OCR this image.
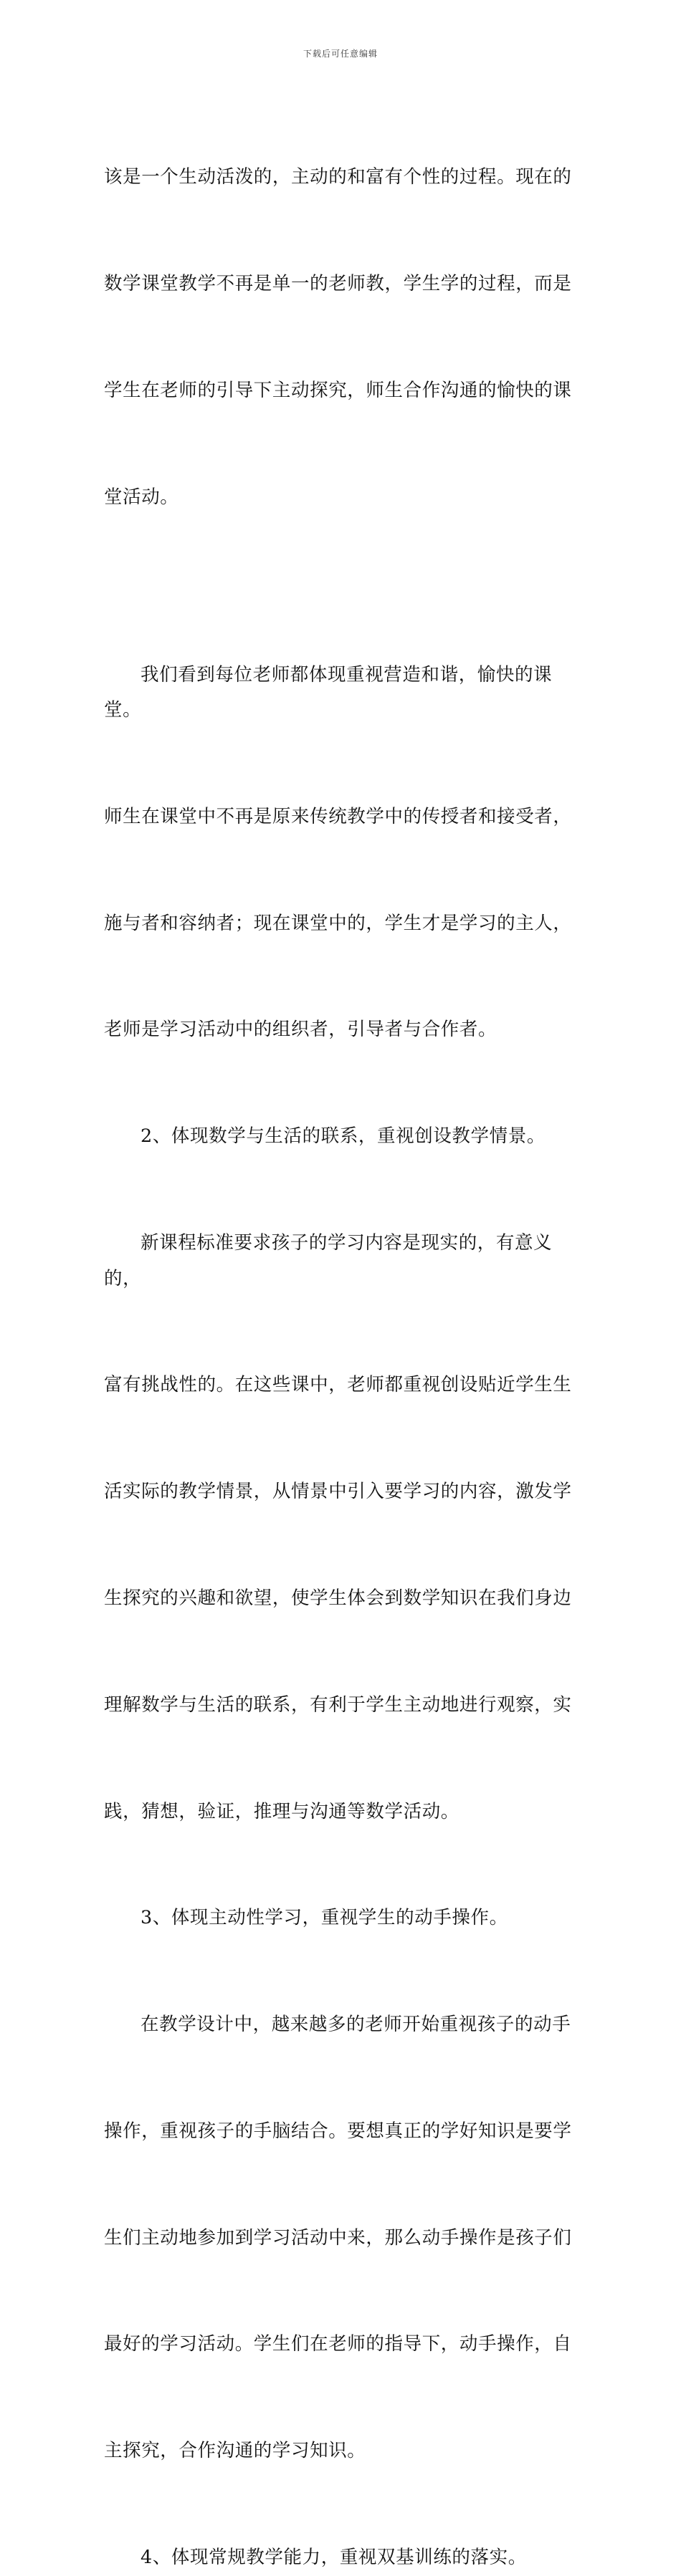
下载后可任意编辑

该是一个生动活泼的，主动的和富有个性的过程。现在的

数学课堂教学不再是单一的老师教，学生学的过程，而是

学生在老师的引导下主动探究，师生合作沟通的愉快的课

堂活动。

我们看到每位老师都体现重视营造和谐，愉快的课堂。

师生在课堂中不再是原来传统教学中的传授者和接受者，

施与者和容纳者；现在课堂中的，学生才是学习的主人，

老师是学习活动中的组织者，引导者与合作者。

2、体现数学与生活的联系，重视创设教学情景。

新课程标准要求孩子的学习内容是现实的，有意义的，

富有挑战性的。在这些课中，老师都重视创设贴近学生生

活实际的教学情景，从情景中引入要学习的内容，激发学

生探究的兴趣和欲望，使学生体会到数学知识在我们身边

理解数学与生活的联系，有利于学生主动地进行观察，实

践，猜想，验证，推理与沟通等数学活动。

3、体现主动性学习，重视学生的动手操作。

在教学设计中，越来越多的老师开始重视孩子的动手

操作，重视孩子的手脑结合。要想真正的学好知识是要学

生们主动地参加到学习活动中来，那么动手操作是孩子们

最好的学习活动。学生们在老师的指导下，动手操作，自

主探究，合作沟通的学习知识。

4、体现常规教学能力，重视双基训练的落实。
